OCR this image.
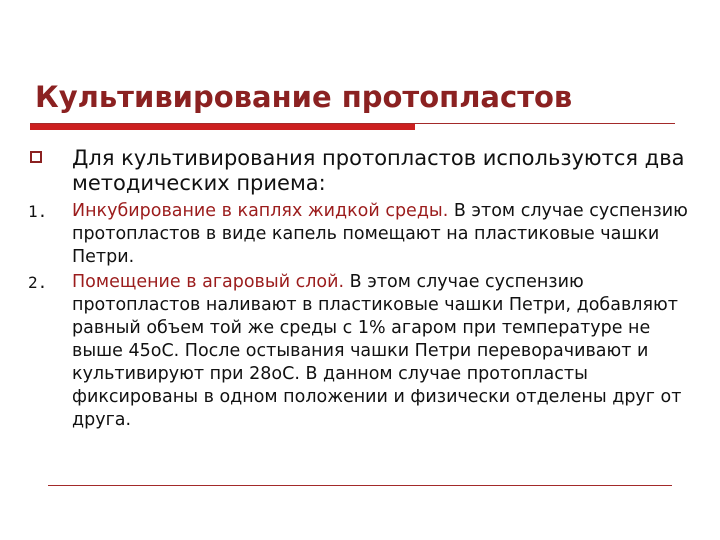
Культивирование протопластов
Для культивирования протопластов используются два методических приема:
1.	Инкубирование в каплях жидкой среды. В этом случае суспензию протопластов в виде капель помещают на пластиковые чашки Петри.
2.	Помещение в агаровый слой. В этом случае суспензию протопластов наливают в пластиковые чашки Петри, добавляют равный объем той же среды с 1% агаром при температуре не выше 45оС. После остывания чашки Петри переворачивают и культивируют при 28оС. В данном случае протопласты фиксированы в одном положении и физически отделены друг от друга.
